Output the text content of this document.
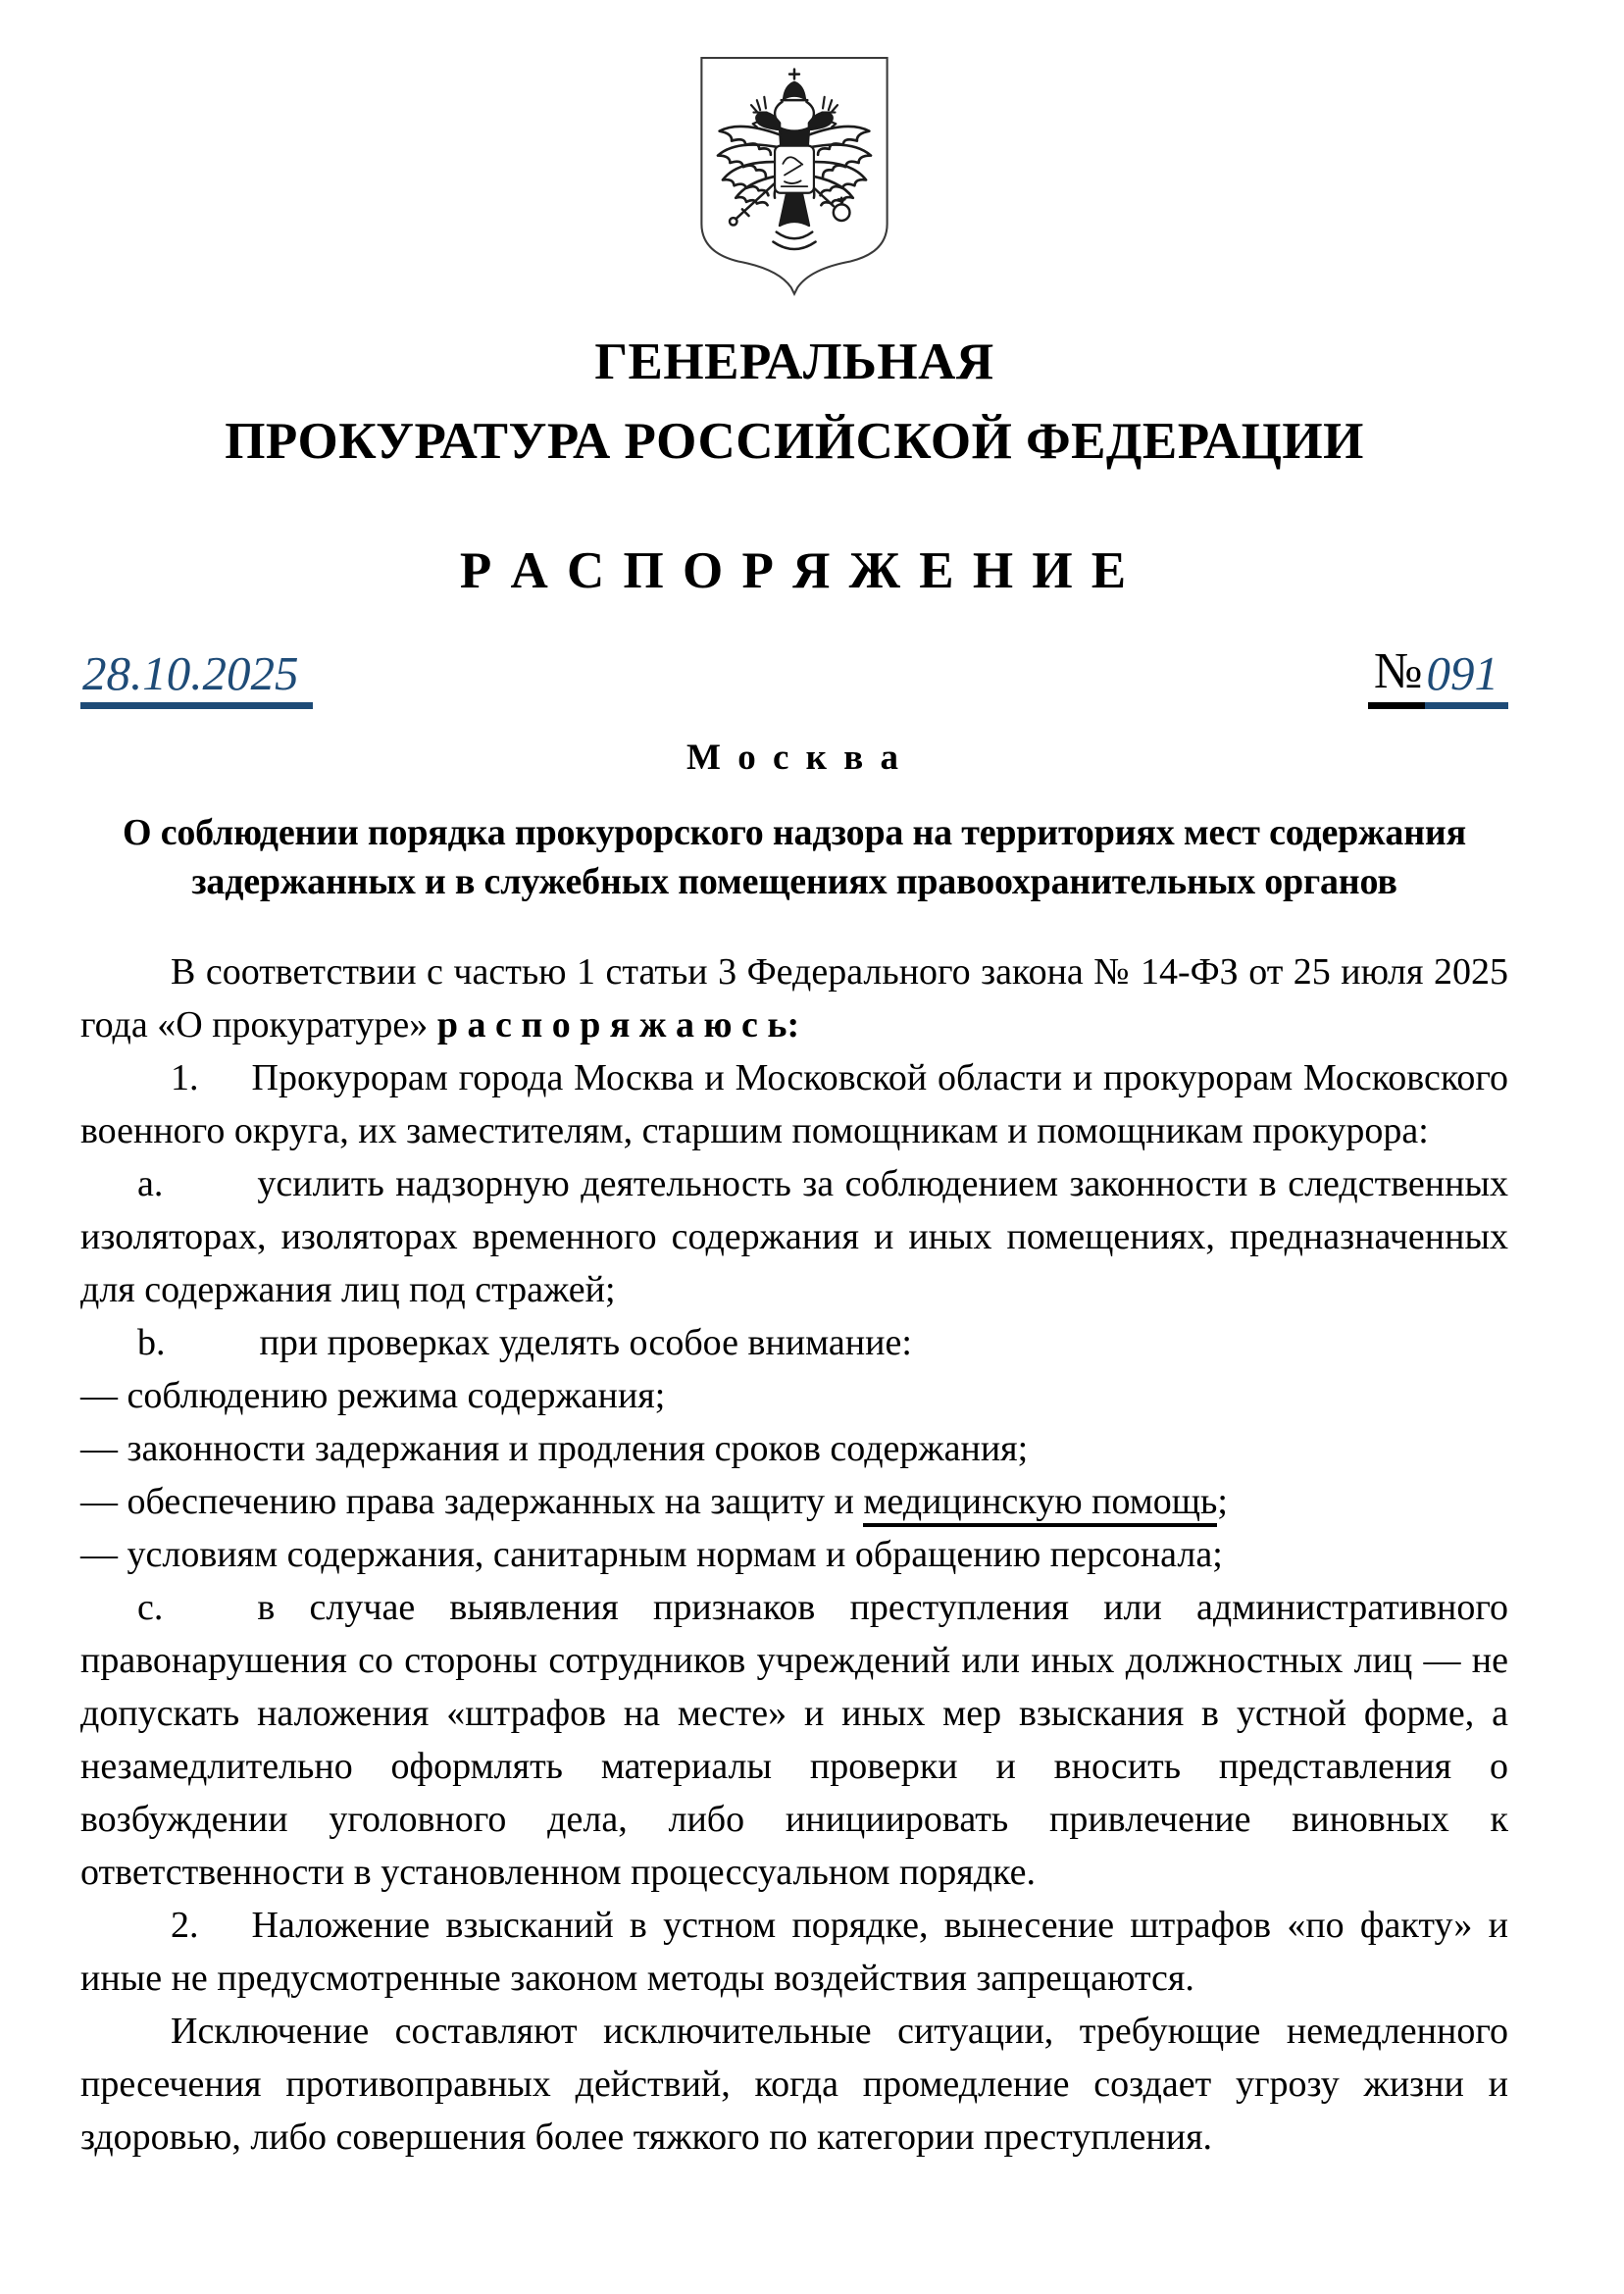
ГЕНЕРАЛЬНАЯ
ПРОКУРАТУРА РОССИЙСКОЙ ФЕДЕРАЦИИ
Р А С П О Р Я Ж Е Н И Е
28.10.2025	№ 091
М о с к в а
О соблюдении порядка прокурорского надзора на территориях мест содержания
задержанных и в служебных помещениях правоохранительных органов

В соответствии с частью 1 статьи 3 Федерального закона № 14-ФЗ от 25 июля 2025 года «О прокуратуре» р а с п о р я ж а ю с ь:

1. Прокурорам города Москва и Московской области и прокурорам Московского военного округа, их заместителям, старшим помощникам и помощникам прокурора:

a.	усилить надзорную деятельность за соблюдением законности в следственных изоляторах, изоляторах временного содержания и иных помещениях, предназначенных для содержания лиц под стражей;

b.	при проверках уделять особое внимание:

— соблюдению режима содержания;

— законности задержания и продления сроков содержания;

— обеспечению права задержанных на защиту и медицинскую помощь;

— условиям содержания, санитарным нормам и обращению персонала;

c.	в случае выявления признаков преступления или административного правонарушения со стороны сотрудников учреждений или иных должностных лиц — не допускать наложения «штрафов на месте» и иных мер взыскания в устной форме, а незамедлительно оформлять материалы проверки и вносить представления о возбуждении уголовного дела, либо инициировать привлечение виновных к ответственности в установленном процессуальном порядке.

2. Наложение взысканий в устном порядке, вынесение штрафов «по факту» и иные не предусмотренные законом методы воздействия запрещаются.

Исключение составляют исключительные ситуации, требующие немедленного пресечения противоправных действий, когда промедление создает угрозу жизни и здоровью, либо совершения более тяжкого по категории преступления.
